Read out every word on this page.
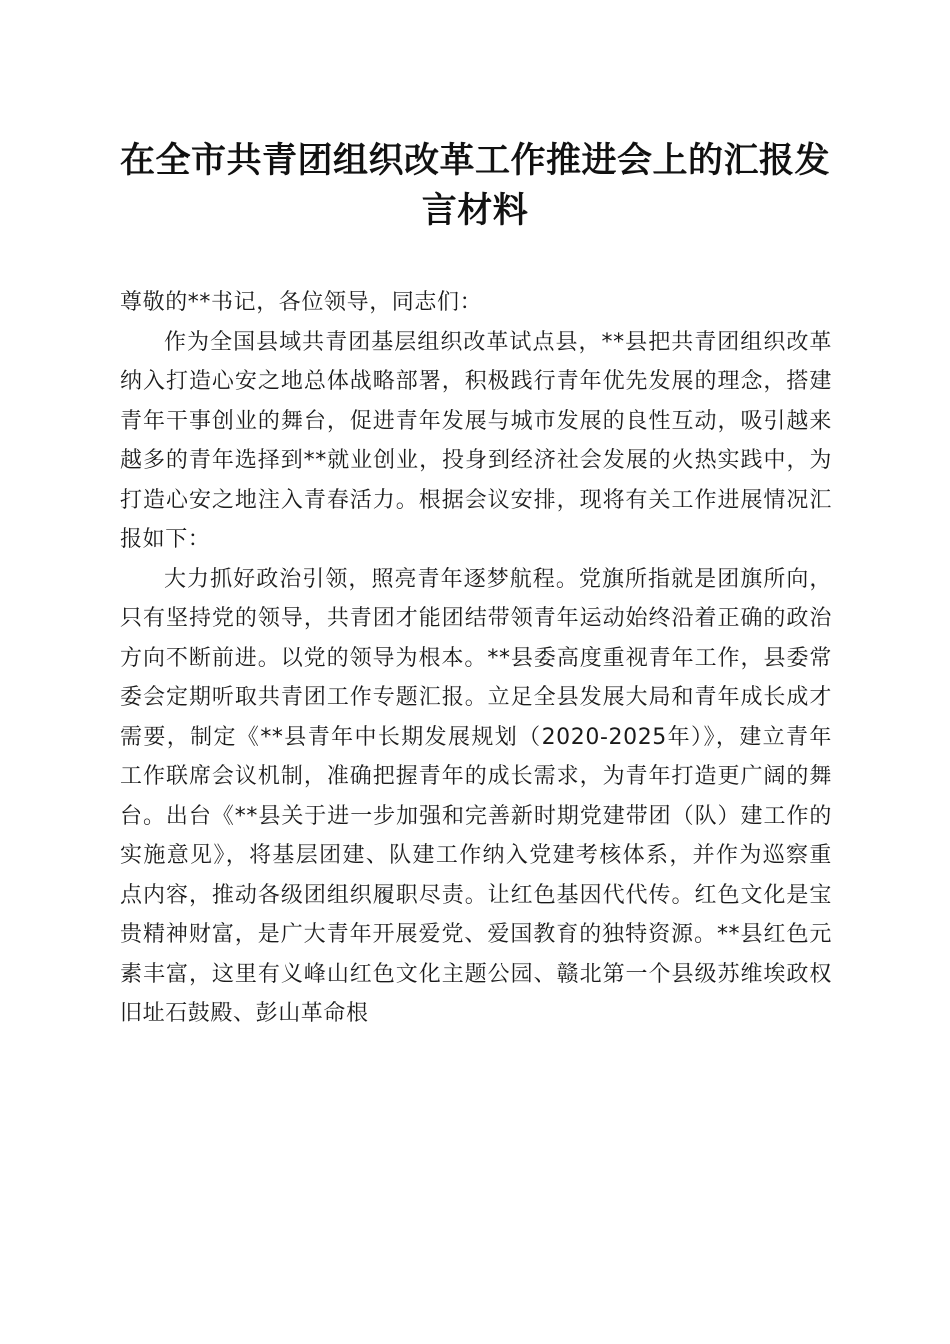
在全市共青团组织改革工作推进会上的汇报发言材料

尊敬的**书记，各位领导，同志们：

作为全国县域共青团基层组织改革试点县，**县把共青团组织改革纳入打造心安之地总体战略部署，积极践行青年优先发展的理念，搭建青年干事创业的舞台，促进青年发展与城市发展的良性互动，吸引越来越多的青年选择到**就业创业，投身到经济社会发展的火热实践中，为打造心安之地注入青春活力。根据会议安排，现将有关工作进展情况汇报如下：

大力抓好政治引领，照亮青年逐梦航程。党旗所指就是团旗所向，只有坚持党的领导，共青团才能团结带领青年运动始终沿着正确的政治方向不断前进。以党的领导为根本。**县委高度重视青年工作，县委常委会定期听取共青团工作专题汇报。立足全县发展大局和青年成长成才需要，制定《**县青年中长期发展规划（2020-2025年）》，建立青年工作联席会议机制，准确把握青年的成长需求，为青年打造更广阔的舞台。出台《**县关于进一步加强和完善新时期党建带团（队）建工作的实施意见》，将基层团建、队建工作纳入党建考核体系，并作为巡察重点内容，推动各级团组织履职尽责。让红色基因代代传。红色文化是宝贵精神财富，是广大青年开展爱党、爱国教育的独特资源。**县红色元素丰富，这里有义峰山红色文化主题公园、赣北第一个县级苏维埃政权旧址石鼓殿、彭山革命根
